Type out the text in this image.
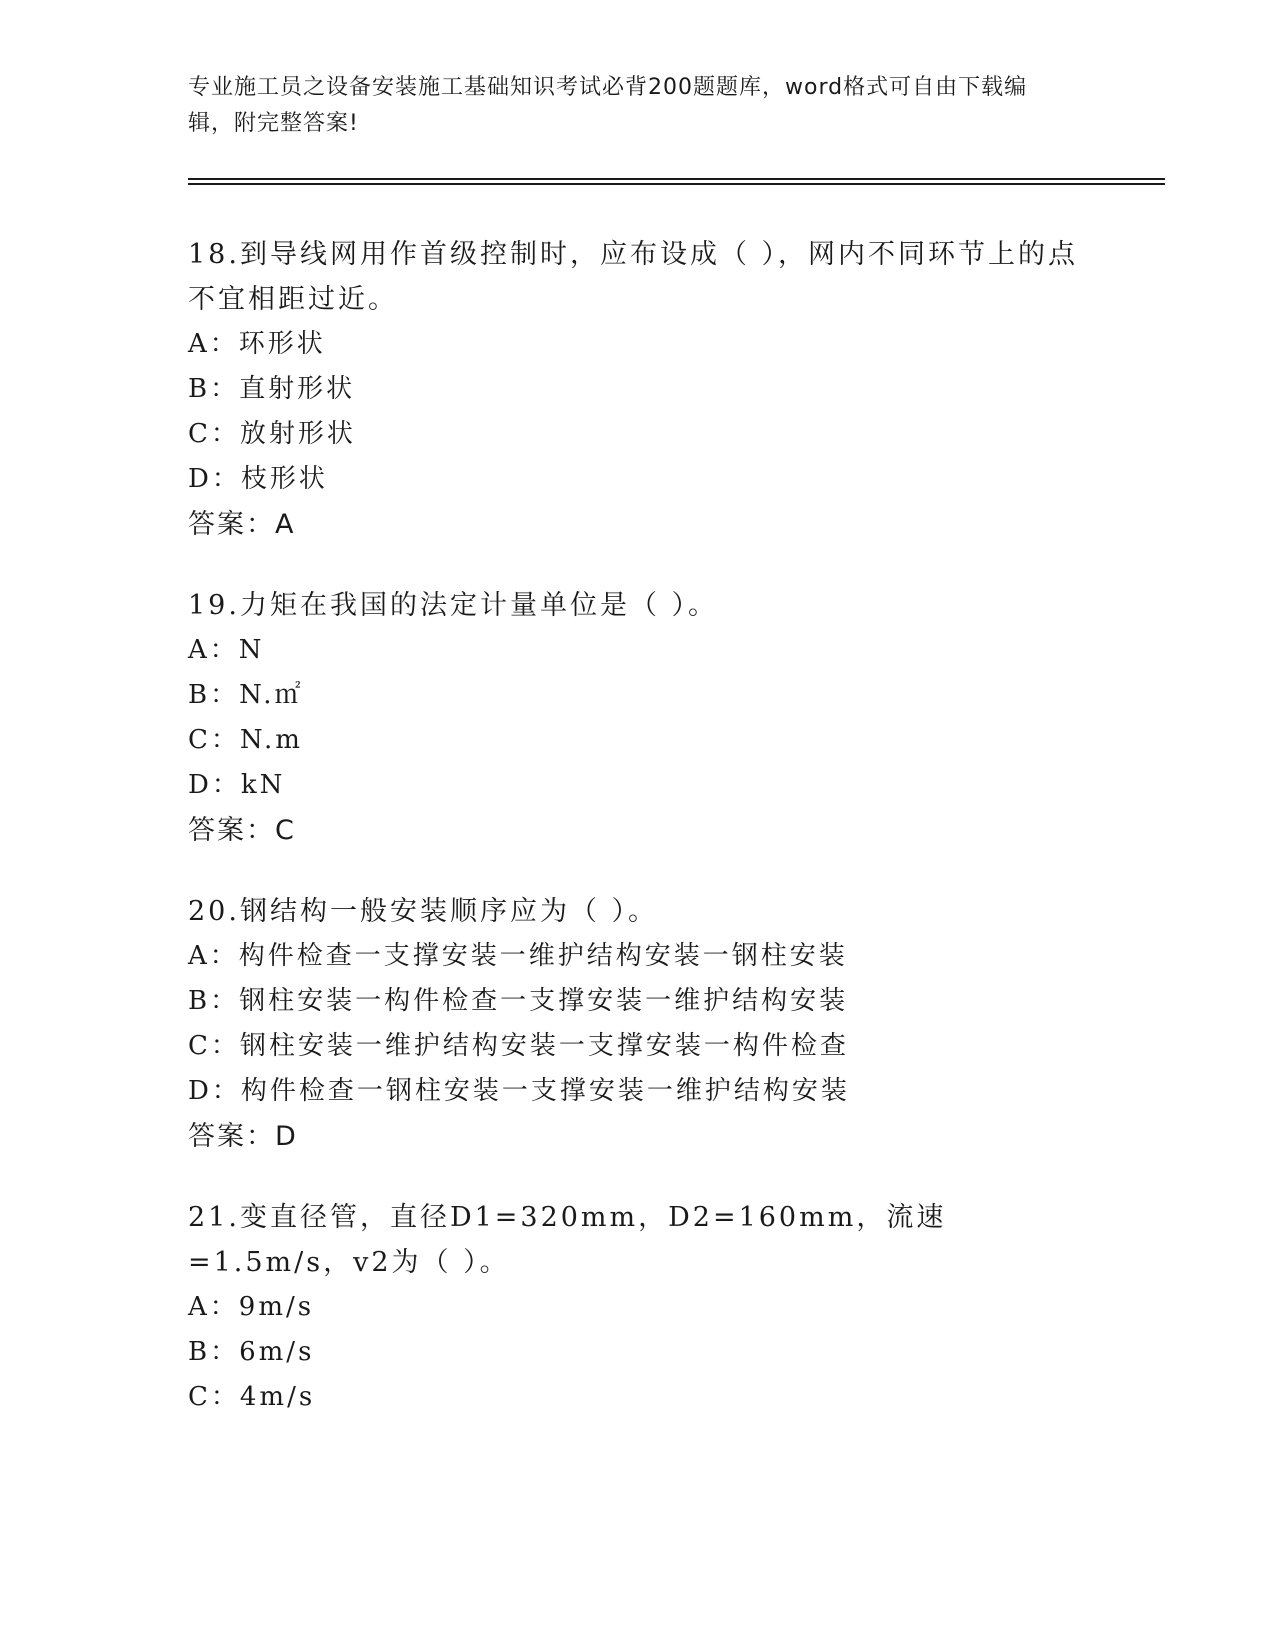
专业施工员之设备安装施工基础知识考试必背200题题库，word格式可自由下载编辑，附完整答案!

18.到导线网用作首级控制时，应布设成（ ），网内不同环节上的点不宜相距过近。

A：环形状

B：直射形状

C：放射形状

D：枝形状

答案：A

19.力矩在我国的法定计量单位是（ ）。

A：N

B：N.㎡

C：N.m

D：kN

答案：C

20.钢结构一般安装顺序应为（ ）。

A：构件检查一支撑安装一维护结构安装一钢柱安装

B：钢柱安装一构件检查一支撑安装一维护结构安装

C：钢柱安装一维护结构安装一支撑安装一构件检查

D：构件检查一钢柱安装一支撑安装一维护结构安装

答案：D

21.变直径管，直径D1=320mm，D2=160mm，流速=1.5m/s，v2为（ ）。

A：9m/s

B：6m/s

C：4m/s
